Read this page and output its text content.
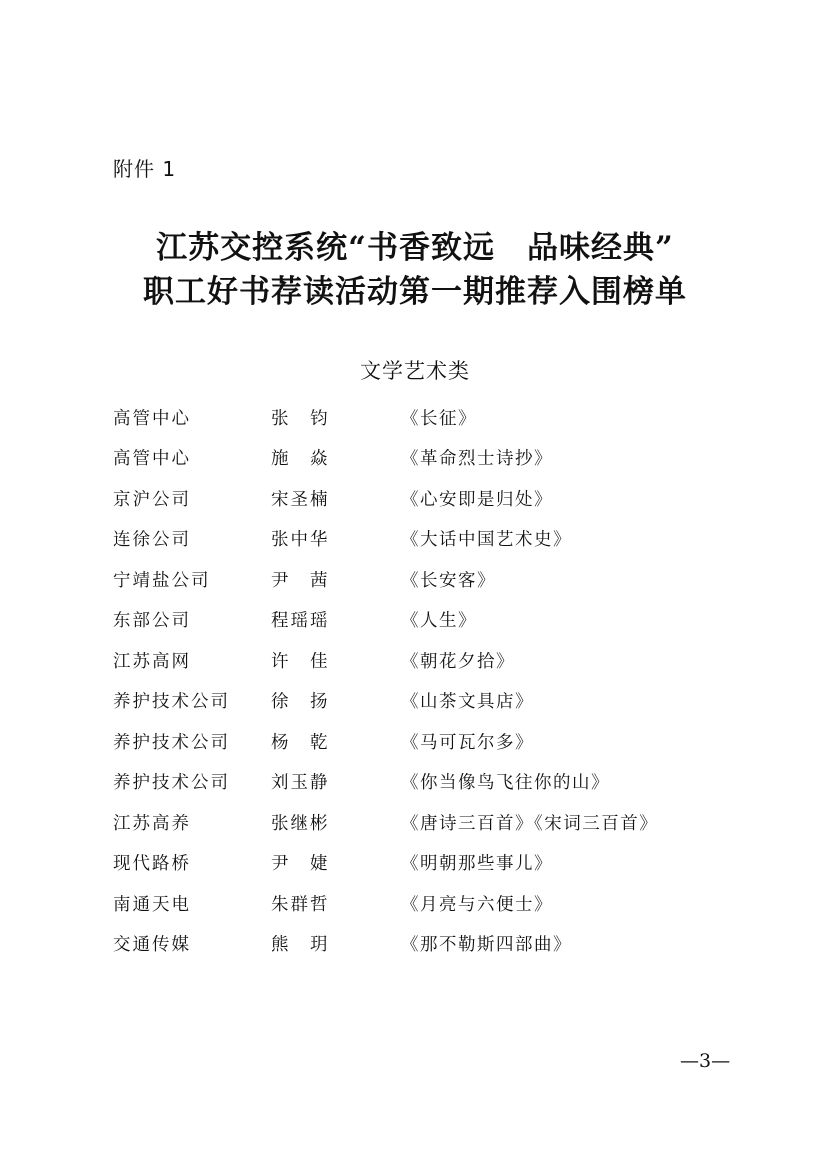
附件 1
江苏交控系统“书香致远　品味经典”
职工好书荐读活动第一期推荐入围榜单
文学艺术类
高管中心	张　钧	《长征》
高管中心	施　焱	《革命烈士诗抄》
京沪公司	宋圣楠	《心安即是归处》
连徐公司	张中华	《大话中国艺术史》
宁靖盐公司	尹　茜	《长安客》
东部公司	程瑶瑶	《人生》
江苏高网	许　佳	《朝花夕拾》
养护技术公司	徐　扬	《山茶文具店》
养护技术公司	杨　乾	《马可瓦尔多》
养护技术公司	刘玉静	《你当像鸟飞往你的山》
江苏高养	张继彬	《唐诗三百首》《宋词三百首》
现代路桥	尹　婕	《明朝那些事儿》
南通天电	朱群哲	《月亮与六便士》
交通传媒	熊　玥	《那不勒斯四部曲》
—3—
